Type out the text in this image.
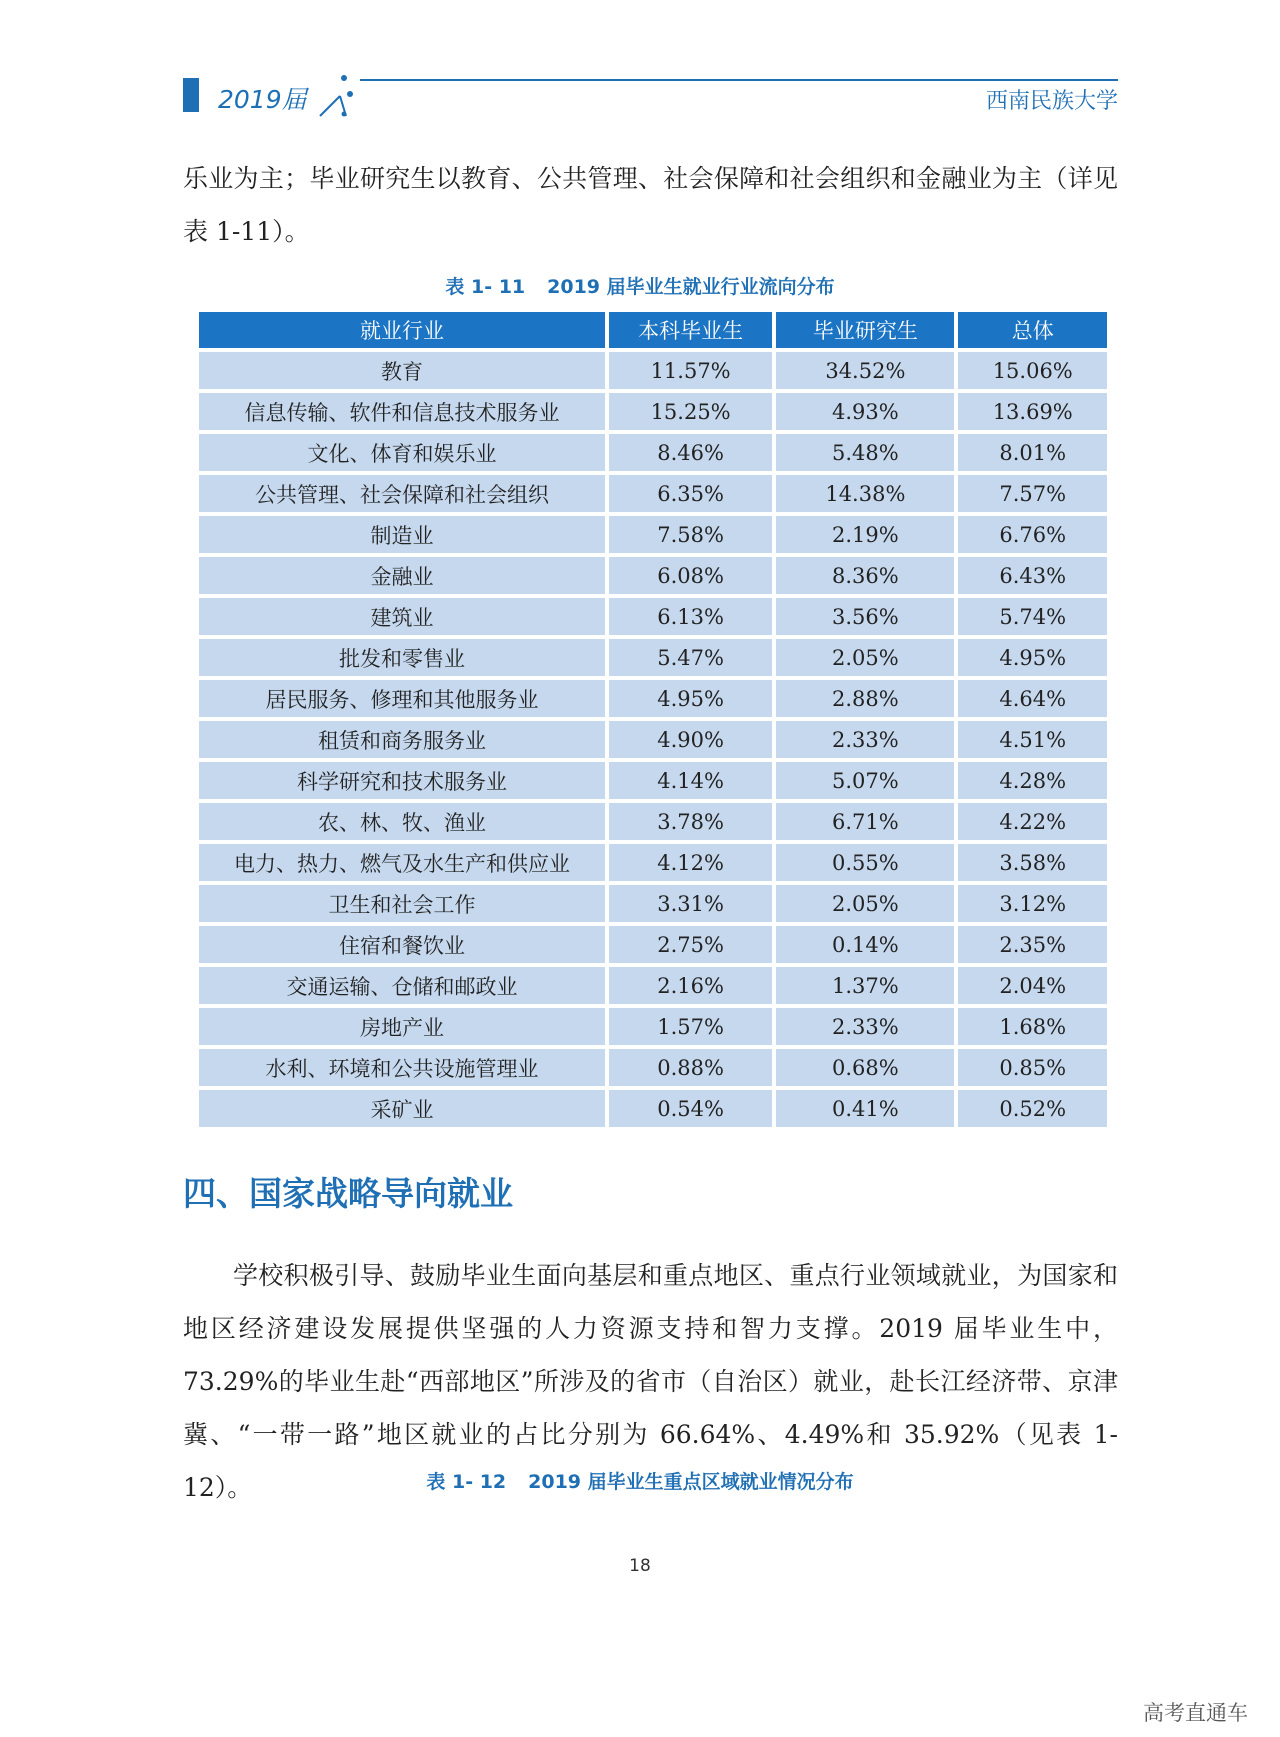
2019届	西南民族大学

乐业为主；毕业研究生以教育、公共管理、社会保障和社会组织和金融业为主（详见表 1-11）。

表 1- 11 2019 届毕业生就业行业流向分布
就业行业	本科毕业生	毕业研究生	总体
教育	11.57%	34.52%	15.06%
信息传输、软件和信息技术服务业	15.25%	4.93%	13.69%
文化、体育和娱乐业	8.46%	5.48%	8.01%
公共管理、社会保障和社会组织	6.35%	14.38%	7.57%
制造业	7.58%	2.19%	6.76%
金融业	6.08%	8.36%	6.43%
建筑业	6.13%	3.56%	5.74%
批发和零售业	5.47%	2.05%	4.95%
居民服务、修理和其他服务业	4.95%	2.88%	4.64%
租赁和商务服务业	4.90%	2.33%	4.51%
科学研究和技术服务业	4.14%	5.07%	4.28%
农、林、牧、渔业	3.78%	6.71%	4.22%
电力、热力、燃气及水生产和供应业	4.12%	0.55%	3.58%
卫生和社会工作	3.31%	2.05%	3.12%
住宿和餐饮业	2.75%	0.14%	2.35%
交通运输、仓储和邮政业	2.16%	1.37%	2.04%
房地产业	1.57%	2.33%	1.68%
水利、环境和公共设施管理业	0.88%	0.68%	0.85%
采矿业	0.54%	0.41%	0.52%
四、国家战略导向就业

学校积极引导、鼓励毕业生面向基层和重点地区、重点行业领域就业，为国家和地区经济建设发展提供坚强的人力资源支持和智力支撑。2019 届毕业生中，73.29%的毕业生赴“西部地区”所涉及的省市（自治区）就业，赴长江经济带、京津冀、“一带一路”地区就业的占比分别为 66.64%、4.49%和 35.92%（见表 1-12）。	表 1- 12 2019 届毕业生重点区域就业情况分布
18
高考直通车
